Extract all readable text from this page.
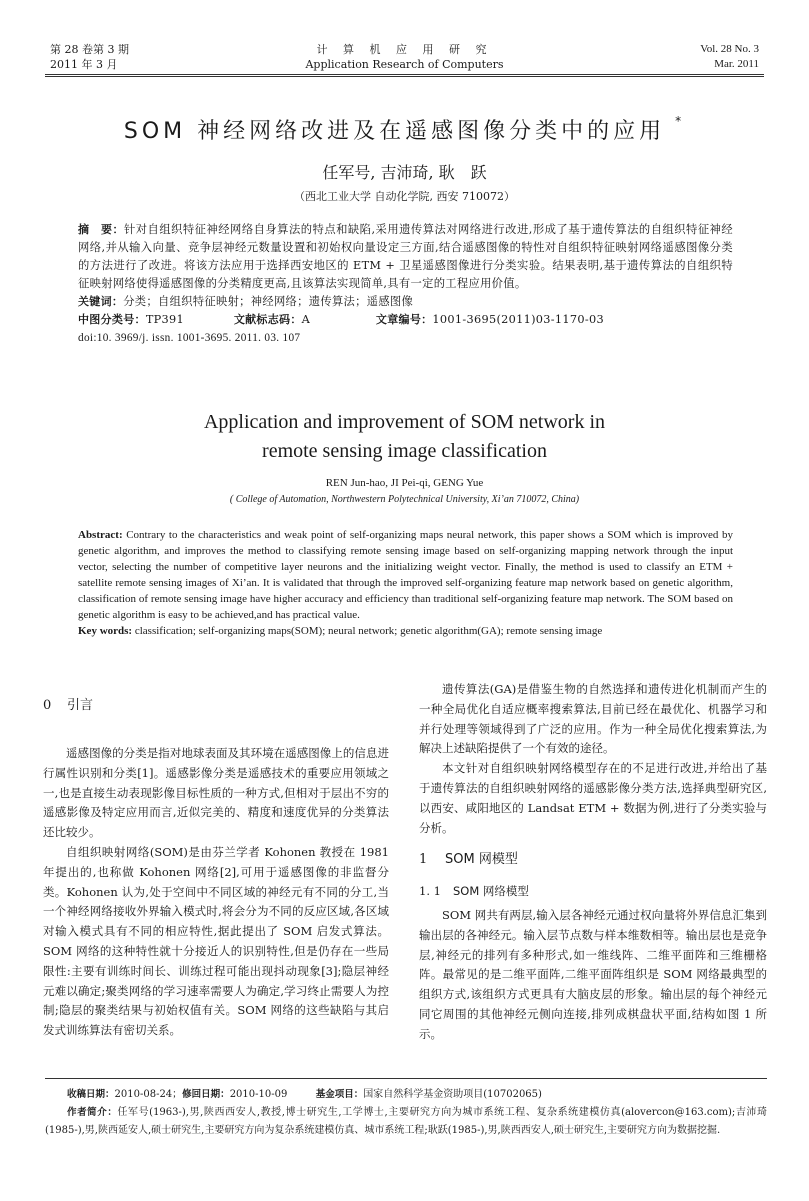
第 28 卷第 3 期
2011 年 3 月
计 算 机 应 用 研 究
Application Research of Computers
Vol. 28 No. 3
Mar. 2011
SOM 神经网络改进及在遥感图像分类中的应用 *
任军号, 吉沛琦, 耿　跃
（西北工业大学 自动化学院, 西安 710072）
摘　要：针对自组织特征神经网络自身算法的特点和缺陷,采用遗传算法对网络进行改进,形成了基于遗传算法的自组织特征神经网络,并从输入向量、竞争层神经元数量设置和初始权向量设定三方面,结合遥感图像的特性对自组织特征映射网络遥感图像分类的方法进行了改进。将该方法应用于选择西安地区的 ETM + 卫星遥感图像进行分类实验。结果表明,基于遗传算法的自组织特征映射网络使得遥感图像的分类精度更高,且该算法实现简单,具有一定的工程应用价值。
关键词：分类；自组织特征映射；神经网络；遗传算法；遥感图像
中图分类号：TP391	文献标志码：A	文章编号：1001-3695(2011)03-1170-03
doi:10. 3969/j. issn. 1001-3695. 2011. 03. 107
Application and improvement of SOM network in
remote sensing image classification
REN Jun-hao, JI Pei-qi, GENG Yue
( College of Automation, Northwestern Polytechnical University, Xi’an 710072, China)
Abstract: Contrary to the characteristics and weak point of self-organizing maps neural network, this paper shows a SOM which is improved by genetic algorithm, and improves the method to classifying remote sensing image based on self-organizing mapping network through the input vector, selecting the number of competitive layer neurons and the initializing weight vector. Finally, the method is used to classify an ETM + satellite remote sensing images of Xi’an. It is validated that through the improved self-organizing feature map network based on genetic algorithm, classification of remote sensing image have higher accuracy and efficiency than traditional self-organizing feature map network. The SOM based on genetic algorithm is easy to be achieved,and has practical value.
Key words: classification; self-organizing maps(SOM); neural network; genetic algorithm(GA); remote sensing image
0 引言

遥感图像的分类是指对地球表面及其环境在遥感图像上的信息进行属性识别和分类[1]。遥感影像分类是遥感技术的重要应用领域之一,也是直接生动表现影像目标性质的一种方式,但相对于层出不穷的遥感影像及特定应用而言,近似完美的、精度和速度优异的分类算法还比较少。

自组织映射网络(SOM)是由芬兰学者 Kohonen 教授在 1981 年提出的,也称做 Kohonen 网络[2],可用于遥感图像的非监督分类。Kohonen 认为,处于空间中不同区域的神经元有不同的分工,当一个神经网络接收外界输入模式时,将会分为不同的反应区域,各区域对输入模式具有不同的相应特性,据此提出了 SOM 启发式算法。SOM 网络的这种特性就十分接近人的识别特性,但是仍存在一些局限性:主要有训练时间长、训练过程可能出现抖动现象[3];隐层神经元难以确定;聚类网络的学习速率需要人为确定,学习终止需要人为控制;隐层的聚类结果与初始权值有关。SOM 网络的这些缺陷与其启发式训练算法有密切关系。

遗传算法(GA)是借鉴生物的自然选择和遗传进化机制而产生的一种全局优化自适应概率搜索算法,目前已经在最优化、机器学习和并行处理等领域得到了广泛的应用。作为一种全局优化搜索算法,为解决上述缺陷提供了一个有效的途径。

本文针对自组织映射网络模型存在的不足进行改进,并给出了基于遗传算法的自组织映射网络的遥感影像分类方法,选择典型研究区,以西安、咸阳地区的 Landsat ETM + 数据为例,进行了分类实验与分析。

1 SOM 网模型
1. 1 SOM 网络模型

SOM 网共有两层,输入层各神经元通过权向量将外界信息汇集到输出层的各神经元。输入层节点数与样本维数相等。输出层也是竞争层,神经元的排列有多种形式,如一维线阵、二维平面阵和三维栅格阵。最常见的是二维平面阵,二维平面阵组织是 SOM 网络最典型的组织方式,该组织方式更具有大脑皮层的形象。输出层的每个神经元同它周围的其他神经元侧向连接,排列成棋盘状平面,结构如图 1 所示。

收稿日期：2010-08-24；修回日期：2010-10-09	基金项目：国家自然科学基金资助项目(10702065)
作者简介：任军号(1963-),男,陕西西安人,教授,博士研究生,工学博士,主要研究方向为城市系统工程、复杂系统建模仿真(alovercon@163.com);吉沛琦(1985-),男,陕西延安人,硕士研究生,主要研究方向为复杂系统建模仿真、城市系统工程;耿跃(1985-),男,陕西西安人,硕士研究生,主要研究方向为数据挖掘.
